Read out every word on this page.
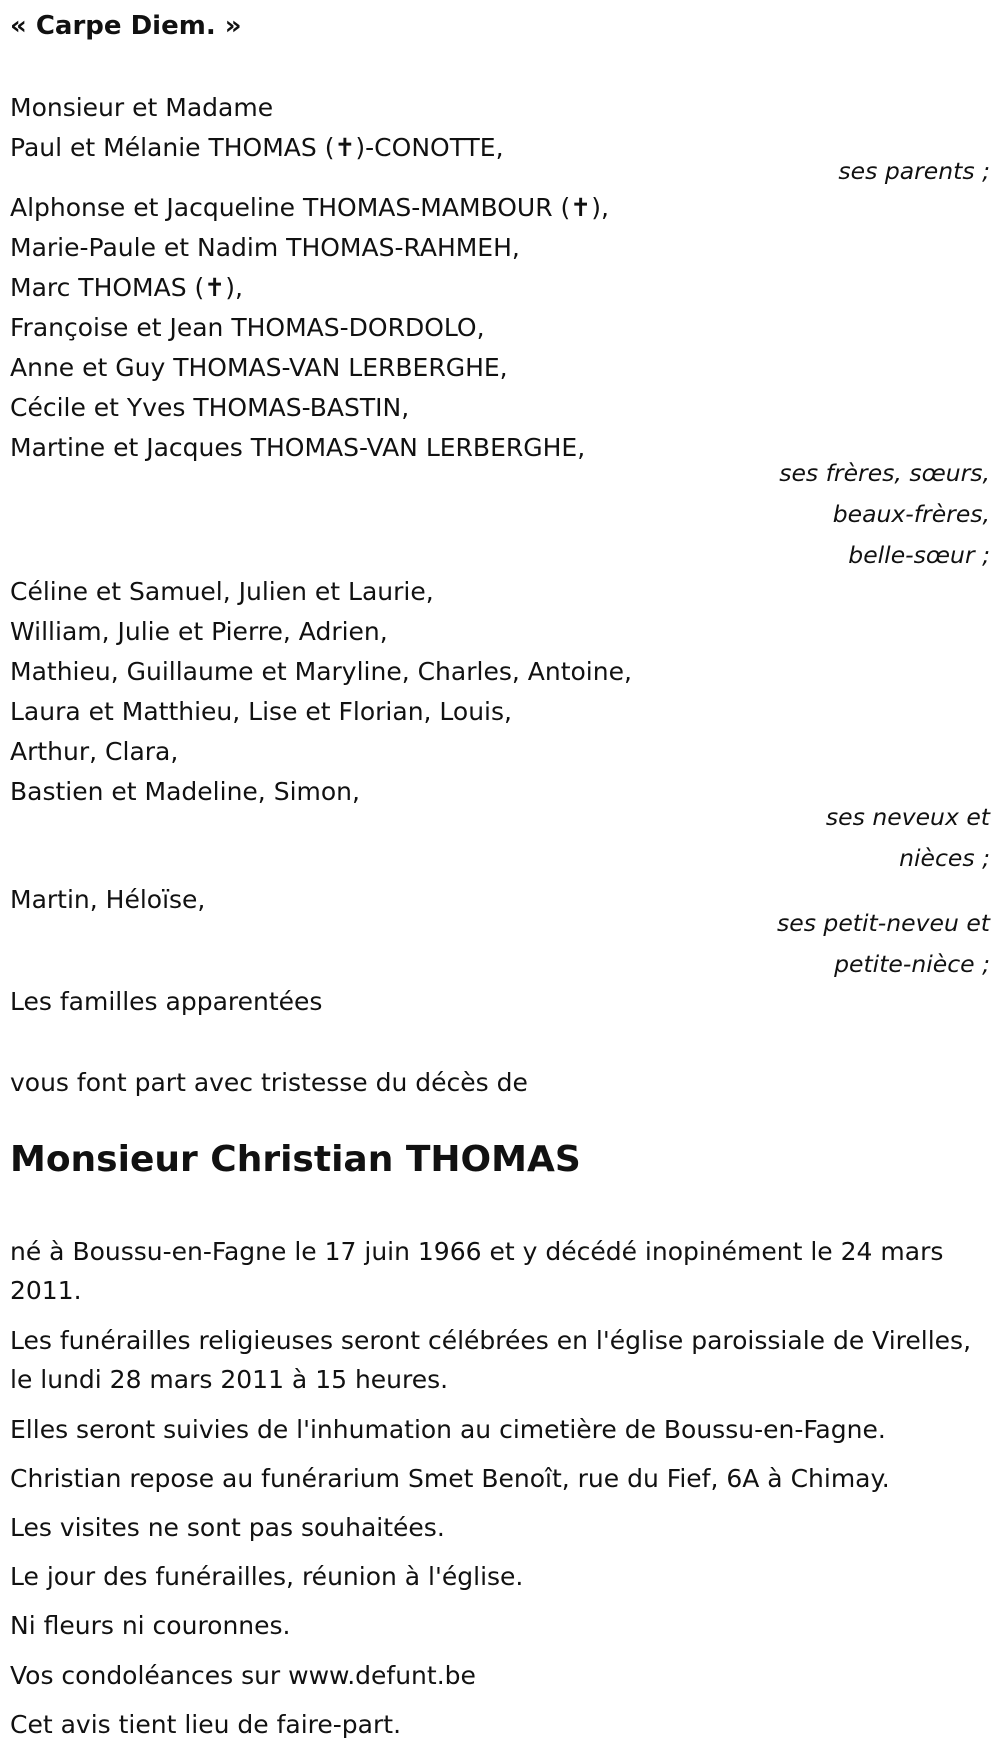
« Carpe Diem. »

Monsieur et Madame
Paul et Mélanie THOMAS (✝)-CONOTTE,
ses parents ;
Alphonse et Jacqueline THOMAS-MAMBOUR (✝),
Marie-Paule et Nadim THOMAS-RAHMEH,
Marc THOMAS (✝),
Françoise et Jean THOMAS-DORDOLO,
Anne et Guy THOMAS-VAN LERBERGHE,
Cécile et Yves THOMAS-BASTIN,
Martine et Jacques THOMAS-VAN LERBERGHE,
ses frères, sœurs,
beaux-frères,
belle-sœur ;
Céline et Samuel, Julien et Laurie,
William, Julie et Pierre, Adrien,
Mathieu, Guillaume et Maryline, Charles, Antoine,
Laura et Matthieu, Lise et Florian, Louis,
Arthur, Clara,
Bastien et Madeline, Simon,
ses neveux et
nièces ;
Martin, Héloïse,
ses petit-neveu et
petite-nièce ;
Les familles apparentées
vous font part avec tristesse du décès de
Monsieur Christian THOMAS

né à Boussu-en-Fagne le 17 juin 1966 et y décédé inopinément le 24 mars 2011.

Les funérailles religieuses seront célébrées en l'église paroissiale de Virelles, le lundi 28 mars 2011 à 15 heures.

Elles seront suivies de l'inhumation au cimetière de Boussu-en-Fagne.

Christian repose au funérarium Smet Benoît, rue du Fief, 6A à Chimay.

Les visites ne sont pas souhaitées.

Le jour des funérailles, réunion à l'église.

Ni fleurs ni couronnes.

Vos condoléances sur www.defunt.be

Cet avis tient lieu de faire-part.
